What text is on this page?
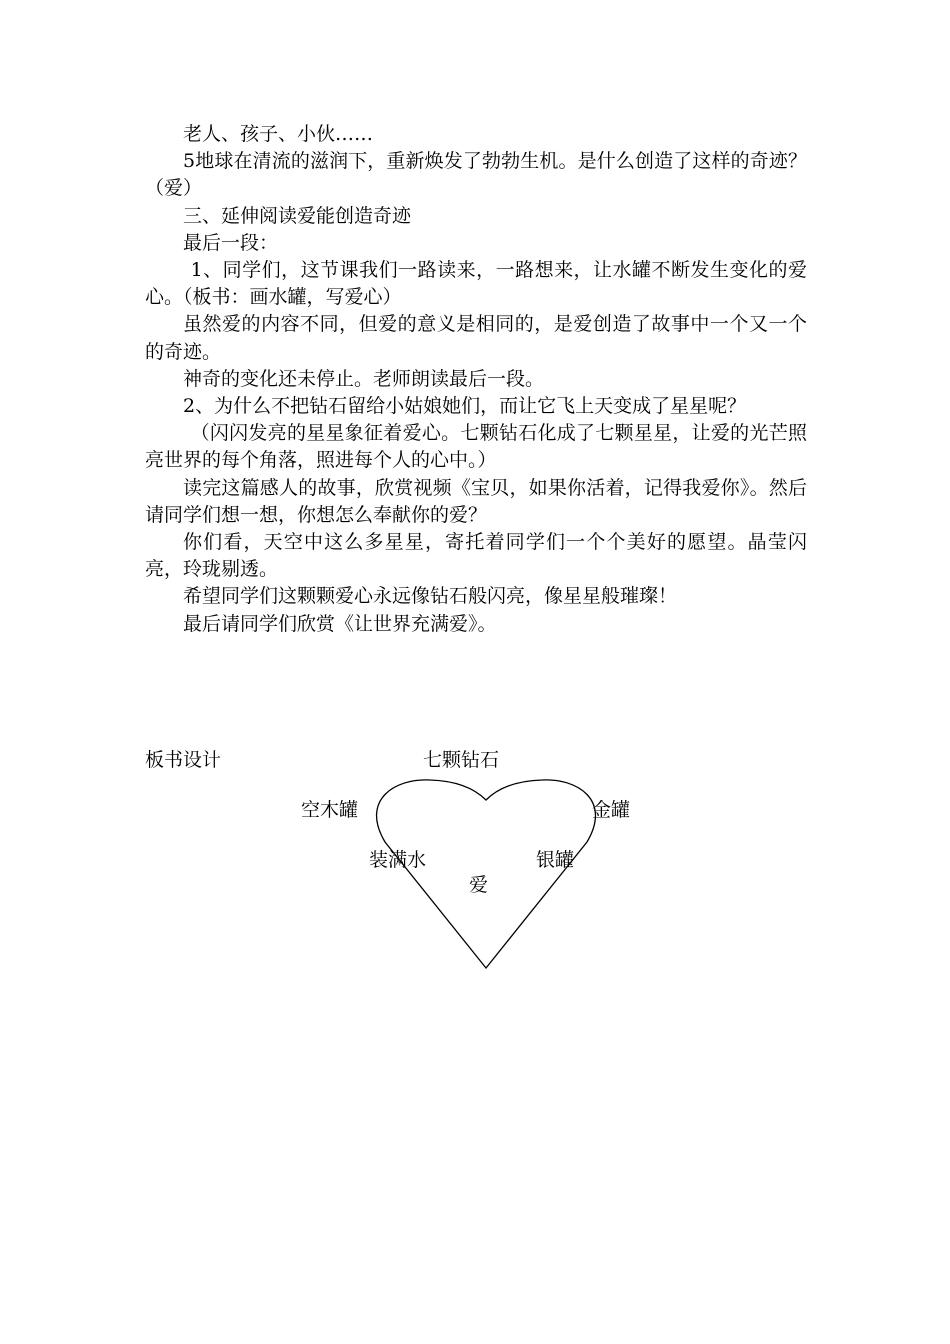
老人、孩子、小伙……

5地球在清流的滋润下，重新焕发了勃勃生机。是什么创造了这样的奇迹？（爱）

三、延伸阅读爱能创造奇迹

最后一段：

1、同学们，这节课我们一路读来，一路想来，让水罐不断发生变化的爱心。（板书：画水罐，写爱心）

虽然爱的内容不同，但爱的意义是相同的，是爱创造了故事中一个又一个的奇迹。

神奇的变化还未停止。老师朗读最后一段。

2、为什么不把钻石留给小姑娘她们，而让它飞上天变成了星星呢？

（闪闪发亮的星星象征着爱心。七颗钻石化成了七颗星星，让爱的光芒照亮世界的每个角落，照进每个人的心中。）

读完这篇感人的故事，欣赏视频《宝贝，如果你活着，记得我爱你》。然后请同学们想一想，你想怎么奉献你的爱？

你们看，天空中这么多星星，寄托着同学们一个个美好的愿望。晶莹闪亮，玲珑剔透。

希望同学们这颗颗爱心永远像钻石般闪亮，像星星般璀璨！

最后请同学们欣赏《让世界充满爱》。

板书设计	七颗钻石
空木罐	金罐
装满水	银罐
爱
